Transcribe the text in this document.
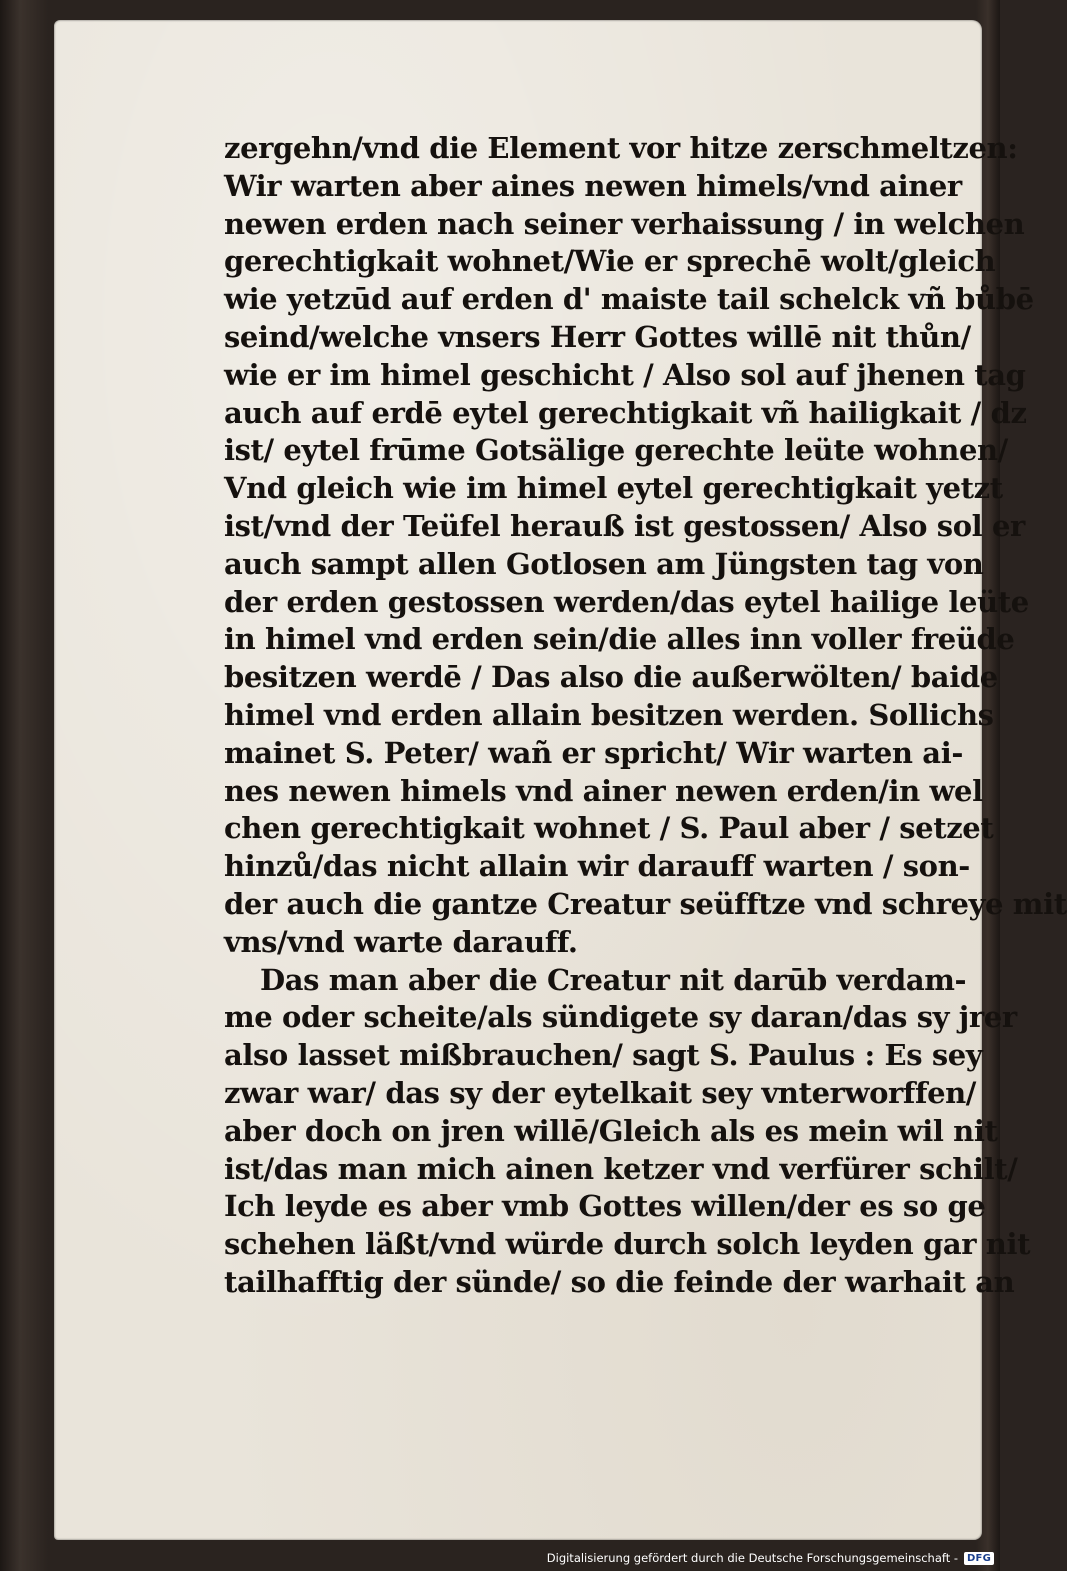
zergehn/vnd die Element vor hitze zerschmeltzen:
Wir warten aber aines newen himels/vnd ainer
newen erden nach seiner verhaissung / in welchen
gerechtigkait wohnet/Wie er sprechē wolt/gleich
wie yetzūd auf erden d' maiste tail schelck vñ bůbē
seind/welche vnsers Herr Gottes willē nit thůn/
wie er im himel geschicht / Also sol auf jhenen tag
auch auf erdē eytel gerechtigkait vñ hailigkait / dz
ist/ eytel frūme Gotsälige gerechte leüte wohnen/
Vnd gleich wie im himel eytel gerechtigkait yetzt
ist/vnd der Teüfel herauß ist gestossen/ Also sol er
auch sampt allen Gotlosen am Jüngsten tag von
der erden gestossen werden/das eytel hailige leüte
in himel vnd erden sein/die alles inn voller freüde
besitzen werdē / Das also die außerwölten/ baide
himel vnd erden allain besitzen werden. Sollichs
mainet S. Peter/ wañ er spricht/ Wir warten ai-
nes newen himels vnd ainer newen erden/in wel
chen gerechtigkait wohnet / S. Paul aber / setzet
hinzů/das nicht allain wir darauff warten / son-
der auch die gantze Creatur seüfftze vnd schreye mit
vns/vnd warte darauff.
Das man aber die Creatur nit darūb verdam-
me oder scheite/als sündigete sy daran/das sy jrer
also lasset mißbrauchen/ sagt S. Paulus : Es sey
zwar war/ das sy der eytelkait sey vnterworffen/
aber doch on jren willē/Gleich als es mein wil nit
ist/das man mich ainen ketzer vnd verfürer schilt/
Ich leyde es aber vmb Gottes willen/der es so ge
schehen läßt/vnd würde durch solch leyden gar nit
tailhafftig der sünde/ so die feinde der warhait an
Digitalisierung gefördert durch die Deutsche Forschungsgemeinschaft - DFG
